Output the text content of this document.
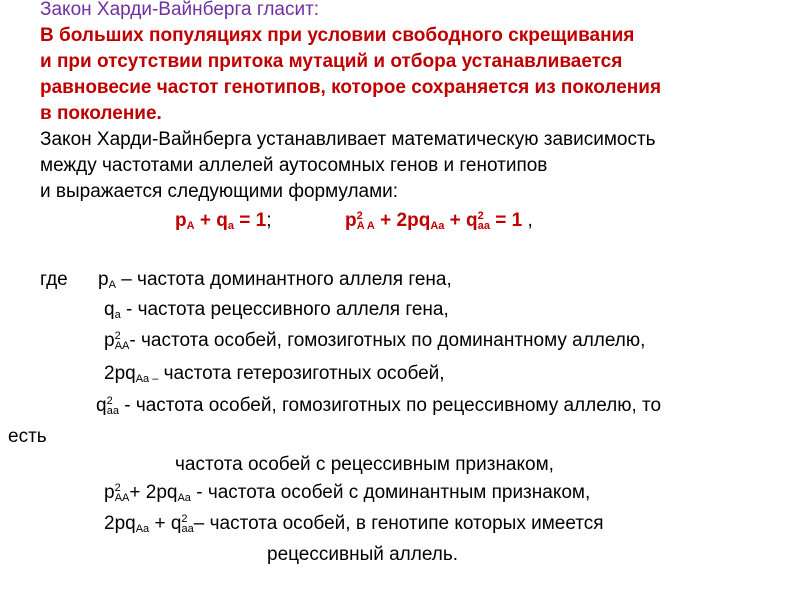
Закон Харди-Вайнберга гласит:
В больших популяциях при условии свободного скрещивания
и при отсутствии притока мутаций и отбора устанавливается
равновесие частот генотипов, которое сохраняется из поколения
в поколение.
Закон Харди-Вайнберга устанавливает математическую зависимость
между частотами аллелей аутосомных генов и генотипов
и выражается следующими формулами:
$p_A + q_a = 1$;	$p^2_{A A} + 2pq_{Aa} + q^2_{aa} = 1$ ,
где $p_A$ – частота доминантного аллеля гена,
$q_a$ - частота рецессивного аллеля гена,
$p^2_{AA}-$ частота особей, гомозиготных по доминантному аллелю,
$2pq_{Aa -}$ частота гетерозиготных особей,
$q^2_{aa}$ - частота особей, гомозиготных по рецессивному аллелю, то
есть
частота особей с рецессивным признаком,
$p^2_{AA}+ 2pq_{Aa}$ - частота особей с доминантным признаком,
$2pq_{Aa} + q^2_{aa}-$ частота особей, в генотипе которых имеется
рецессивный аллель.
